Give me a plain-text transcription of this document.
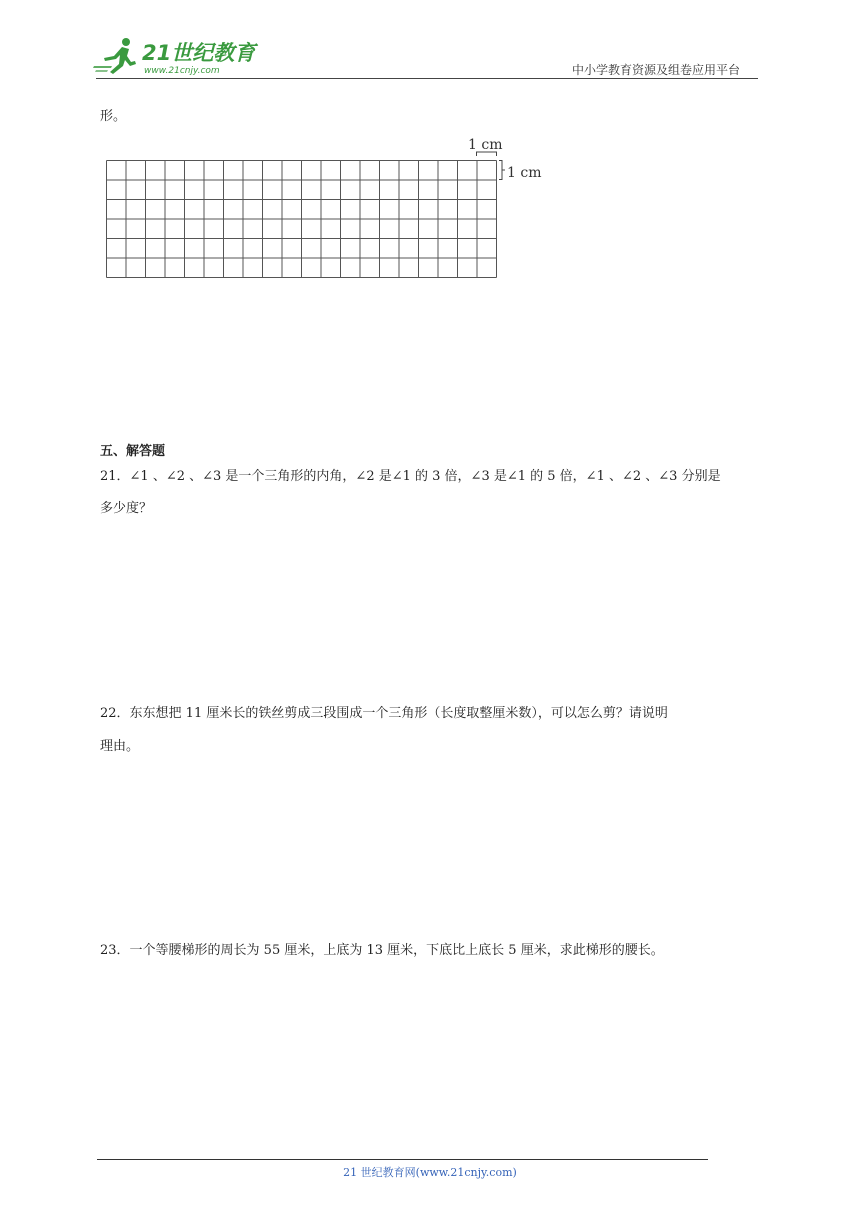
21世纪教育
www.21cnjy.com	中小学教育资源及组卷应用平台
形。
1 cm
1 cm
五、解答题
21．∠1 、∠2 、∠3 是一个三角形的内角，∠2 是∠1 的 3 倍，∠3 是∠1 的 5 倍，∠1 、∠2 、∠3 分别是
多少度？
22．东东想把 11 厘米长的铁丝剪成三段围成一个三角形（长度取整厘米数），可以怎么剪？请说明
理由。
23．一个等腰梯形的周长为 55 厘米，上底为 13 厘米，下底比上底长 5 厘米，求此梯形的腰长。
21 世纪教育网(www.21cnjy.com)
